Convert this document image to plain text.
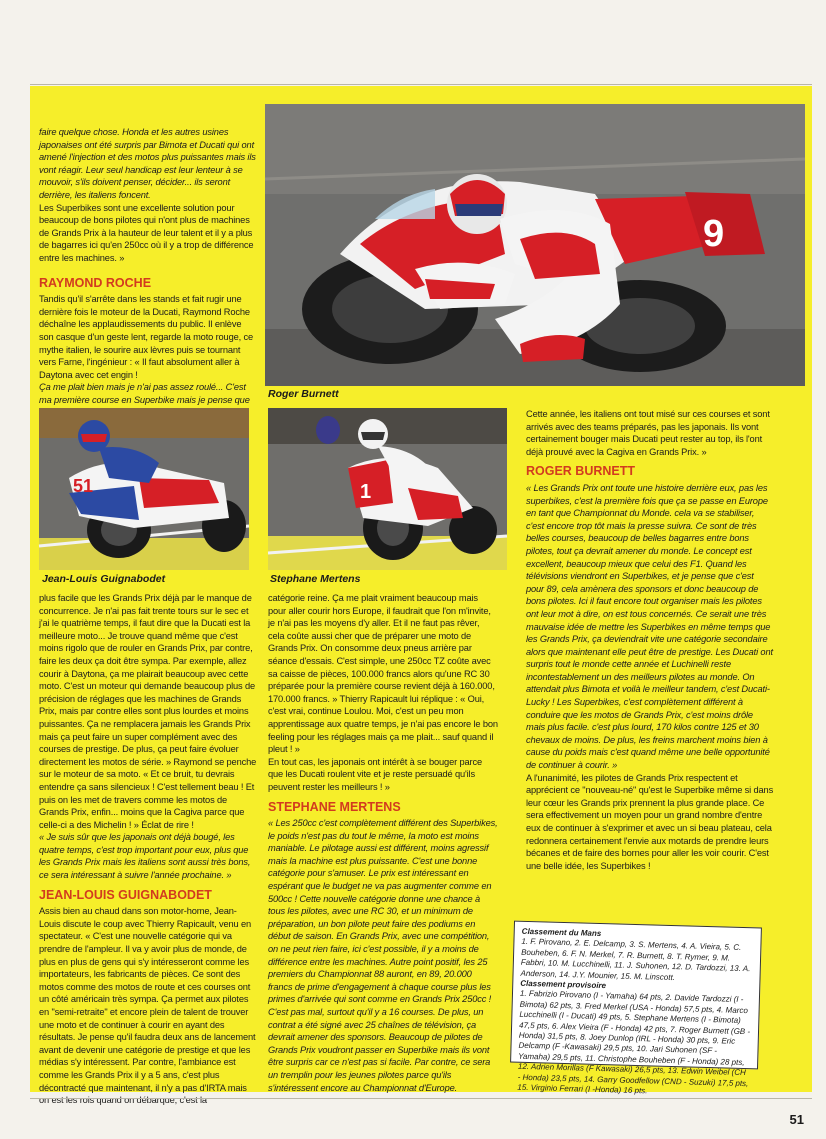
faire quelque chose. Honda et les autres usines japonaises ont été surpris par Bimota et Ducati qui ont amené l'injection et des motos plus puissantes mais ils vont réagir. Leur seul handicap est leur lenteur à se mouvoir, s'ils doivent penser, décider... ils seront derrière, les italiens foncent.

Les Superbikes sont une excellente solution pour beaucoup de bons pilotes qui n'ont plus de machines de Grands Prix à la hauteur de leur talent et il y a plus de bagarres ici qu'en 250cc où il y a trop de différence entre les machines. »

RAYMOND ROCHE

Tandis qu'il s'arrête dans les stands et fait rugir une dernière fois le moteur de la Ducati, Raymond Roche déchaîne les applaudissements du public. Il enlève son casque d'un geste lent, regarde la moto rouge, ce mythe italien, le sourire aux lèvres puis se tournant vers Farne, l'ingénieur : « Il faut absolument aller à Daytona avec cet engin !

Ça me plait bien mais je n'ai pas assez roulé... C'est ma première course en Superbike mais je pense que

9
Roger Burnett
51
Jean-Louis Guignabodet
1
Stephane Mertens

plus facile que les Grands Prix déjà par le manque de concurrence. Je n'ai pas fait trente tours sur le sec et j'ai le quatrième temps, il faut dire que la Ducati est la meilleure moto... Je trouve quand même que c'est moins rigolo que de rouler en Grands Prix, par contre, faire les deux ça doit être sympa. Par exemple, allez courir à Daytona, ça me plairait beaucoup avec cette moto. C'est un moteur qui demande beaucoup plus de précision de réglages que les machines de Grands Prix, mais par contre elles sont plus lourdes et moins puissantes. Ça ne remplacera jamais les Grands Prix mais ça peut faire un super complément avec des courses de prestige. De plus, ça peut faire évoluer directement les motos de série. » Raymond se penche sur le moteur de sa moto. « Et ce bruit, tu devrais entendre ça sans silencieux ! C'est tellement beau ! Et puis on les met de travers comme les motos de Grands Prix, enfin... moins que la Cagiva parce que celle-ci a des Michelin ! » Éclat de rire !

« Je suis sûr que les japonais ont déjà bougé, les quatre temps, c'est trop important pour eux, plus que les Grands Prix mais les italiens sont aussi très bons, ce sera intéressant à suivre l'année prochaine. »

JEAN-LOUIS GUIGNABODET

Assis bien au chaud dans son motor-home, Jean-Louis discute le coup avec Thierry Rapicault, venu en spectateur. « C'est une nouvelle catégorie qui va prendre de l'ampleur. Il va y avoir plus de monde, de plus en plus de gens qui s'y intéresseront comme les importateurs, les fabricants de pièces. Ce sont des motos comme des motos de route et ces courses ont un côté américain très sympa. Ça permet aux pilotes en "semi-retraite" et encore plein de talent de trouver une moto et de continuer à courir en ayant des résultats. Je pense qu'il faudra deux ans de lancement avant de devenir une catégorie de prestige et que les médias s'y intéressent. Par contre, l'ambiance est comme les Grands Prix il y a 5 ans, c'est plus décontracté que maintenant, il n'y a pas d'IRTA mais on est les rois quand on débarque, c'est la

catégorie reine. Ça me plait vraiment beaucoup mais pour aller courir hors Europe, il faudrait que l'on m'invite, je n'ai pas les moyens d'y aller. Et il ne faut pas rêver, cela coûte aussi cher que de préparer une moto de Grands Prix. On consomme deux pneus arrière par séance d'essais. C'est simple, une 250cc TZ coûte avec sa caisse de pièces, 100.000 francs alors qu'une RC 30 préparée pour la première course revient déjà à 160.000, 170.000 francs. » Thierry Rapicault lui réplique : « Oui, c'est vrai, continue Loulou. Moi, c'est un peu mon apprentissage aux quatre temps, je n'ai pas encore le bon feeling pour les réglages mais ça me plait... sauf quand il pleut ! »

En tout cas, les japonais ont intérêt à se bouger parce que les Ducati roulent vite et je reste persuadé qu'ils peuvent rester les meilleurs ! »

STEPHANE MERTENS

« Les 250cc c'est complètement différent des Superbikes, le poids n'est pas du tout le même, la moto est moins maniable. Le pilotage aussi est différent, moins agressif mais la machine est plus puissante. C'est une bonne catégorie pour s'amuser. Le prix est intéressant en espérant que le budget ne va pas augmenter comme en 500cc ! Cette nouvelle catégorie donne une chance à tous les pilotes, avec une RC 30, et un minimum de préparation, un bon pilote peut faire des podiums en début de saison. En Grands Prix, avec une compétition, on ne peut rien faire, ici c'est possible, il y a moins de différence entre les machines. Autre point positif, les 25 premiers du Championnat 88 auront, en 89, 20.000 francs de prime d'engagement à chaque course plus les primes d'arrivée qui sont comme en Grands Prix 250cc ! C'est pas mal, surtout qu'il y a 16 courses. De plus, un contrat a été signé avec 25 chaînes de télévision, ça devrait amener des sponsors. Beaucoup de pilotes de Grands Prix voudront passer en Superbike mais ils vont être surpris car ce n'est pas si facile. Par contre, ce sera un tremplin pour les jeunes pilotes parce qu'ils s'intéressent encore au Championnat d'Europe.

Cette année, les italiens ont tout misé sur ces courses et sont arrivés avec des teams préparés, pas les japonais. Ils vont certainement bouger mais Ducati peut rester au top, ils l'ont déjà prouvé avec la Cagiva en Grands Prix. »

ROGER BURNETT

« Les Grands Prix ont toute une histoire derrière eux, pas les superbikes, c'est la première fois que ça se passe en Europe en tant que Championnat du Monde. cela va se stabiliser, c'est encore trop tôt mais la presse suivra. Ce sont de très belles courses, beaucoup de belles bagarres entre bons pilotes, tout ça devrait amener du monde. Le concept est excellent, beaucoup mieux que celui des F1. Quand les télévisions viendront en Superbikes, et je pense que c'est pour 89, cela amènera des sponsors et donc beaucoup de bons pilotes. Ici il faut encore tout organiser mais les pilotes ont leur mot à dire, on est tous concernés. Ce serait une très mauvaise idée de mettre les Superbikes en même temps que les Grands Prix, ça deviendrait vite une catégorie secondaire alors que maintenant elle peut être de prestige. Les Ducati ont surpris tout le monde cette année et Luchinelli reste incontestablement un des meilleurs pilotes au monde. On attendait plus Bimota et voilà le meilleur tandem, c'est Ducati-Lucky ! Les Superbikes, c'est complètement différent à conduire que les motos de Grands Prix, c'est moins drôle mais plus facile. c'est plus lourd, 170 kilos contre 125 et 30 chevaux de moins. De plus, les freins marchent moins bien à cause du poids mais c'est quand même une belle opportunité de continuer à courir. »

A l'unanimité, les pilotes de Grands Prix respectent et apprécient ce "nouveau-né" qu'est le Superbike même si dans leur cœur les Grands prix prennent la plus grande place. Ce sera effectivement un moyen pour un grand nombre d'entre eux de continuer à s'exprimer et avec un si beau plateau, cela redonnera certainement l'envie aux motards de prendre leurs bécanes et de faire des bornes pour aller les voir courir. C'est une belle idée, les Superbikes !

Classement du Mans
1. F. Pirovano, 2. E. Delcamp, 3. S. Mertens, 4. A. Vieira, 5. C. Bouheben, 6. F. N. Merkel, 7. R. Burnett, 8. T. Rymer, 9. M. Fabbri, 10. M. Lucchinelli, 11. J. Suhonen, 12. D. Tardozzi, 13. A. Anderson, 14. J.Y. Mounier, 15. M. Linscott.
Classement provisoire
1. Fabrizio Pirovano (I - Yamaha) 64 pts, 2. Davide Tardozzi (I -Bimota) 62 pts, 3. Fred Merkel (USA - Honda) 57,5 pts, 4. Marco Lucchinelli (I - Ducati) 49 pts, 5. Stephane Mertens (I - Bimota) 47,5 pts, 6. Alex Vieira (F - Honda) 42 pts, 7. Roger Burnett (GB - Honda) 31,5 pts, 8. Joey Dunlop (IRL - Honda) 30 pts, 9. Eric Delcamp (F -Kawasaki) 29,5 pts, 10. Jari Suhonen (SF - Yamaha) 29,5 pts, 11. Christophe Bouheben (F - Honda) 28 pts, 12. Adrien Morillas (F Kawasaki) 26,5 pts, 13. Edwin Weibel (CH - Honda) 23,5 pts, 14. Garry Goodfellow (CND - Suzuki) 17,5 pts, 15. Virginio Ferrari (I -Honda) 16 pts.
51
